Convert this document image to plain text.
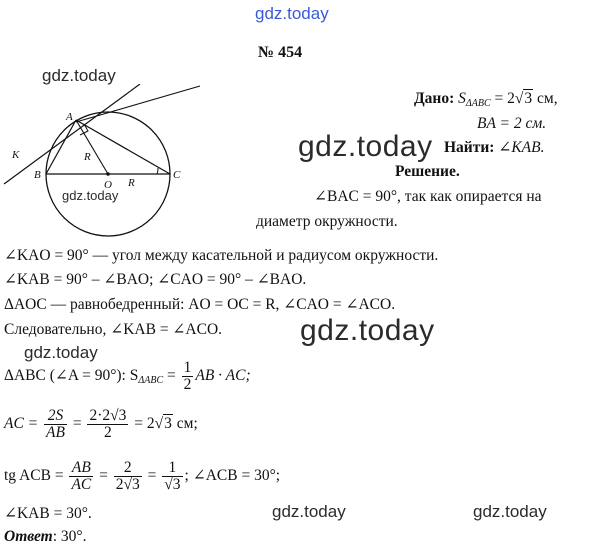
gdz.today
gdz.today
gdz.today
gdz.today
gdz.today
gdz.today	gdz.today
№ 454
A
B	C
O
K	R
R
gdz.today
Дано: $S_{\Delta ABC} = 2√3$ см,
BA = 2 см.
Найти: ∠KAB.
Решение.
∠BAC = 90°, так как опирается на
диаметр окружности.
∠KAO = 90° — угол между касательной и радиусом окружности.
∠KAB = 90° – ∠BAO; ∠CAO = 90° – ∠BAO.
ΔAOC — равнобедренный: AO = OC = R, ∠CAO = ∠ACO.
Следовательно, ∠KAB = ∠ACO.
ΔABC (∠A = 90°): $S_{\Delta ABC} = \frac{1}{2}$ AB · AC;
AC = $\frac{2S}{AB} = \frac{2\cdot 2√3}{2} = 2√3$ см;
tg ACB = $\frac{AB}{AC} = \frac{2}{2√3} = \frac{1}{√3}$ ; ∠ACB = 30°;
∠KAB = 30°.
Ответ: 30°.
